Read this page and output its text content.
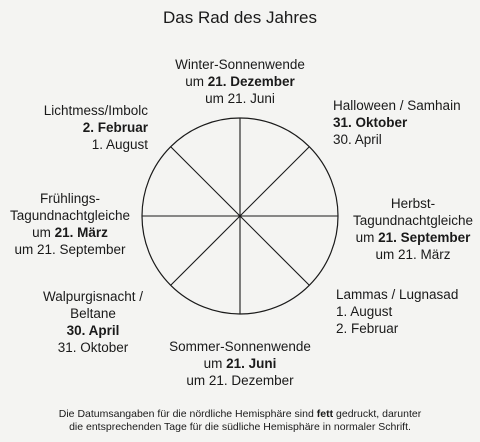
Das Rad des Jahres
Winter-Sonnenwende
um 21. Dezember
um 21. Juni	Halloween / Samhain
31. Oktober
30. April
Herbst-
Tagundnachtgleiche
um 21. September
um 21. März
Lammas / Lugnasad
1. August
2. Februar
Sommer-Sonnenwende
um 21. Juni
um 21. Dezember
Walpurgisnacht /
Beltane
30. April
31. Oktober
Frühlings-
Tagundnachtgleiche
um 21. März
um 21. September
Lichtmess/Imbolc
2. Februar
1. August
Die Datumsangaben für die nördliche Hemisphäre sind fett gedruckt, darunter
die entsprechenden Tage für die südliche Hemisphäre in normaler Schrift.
